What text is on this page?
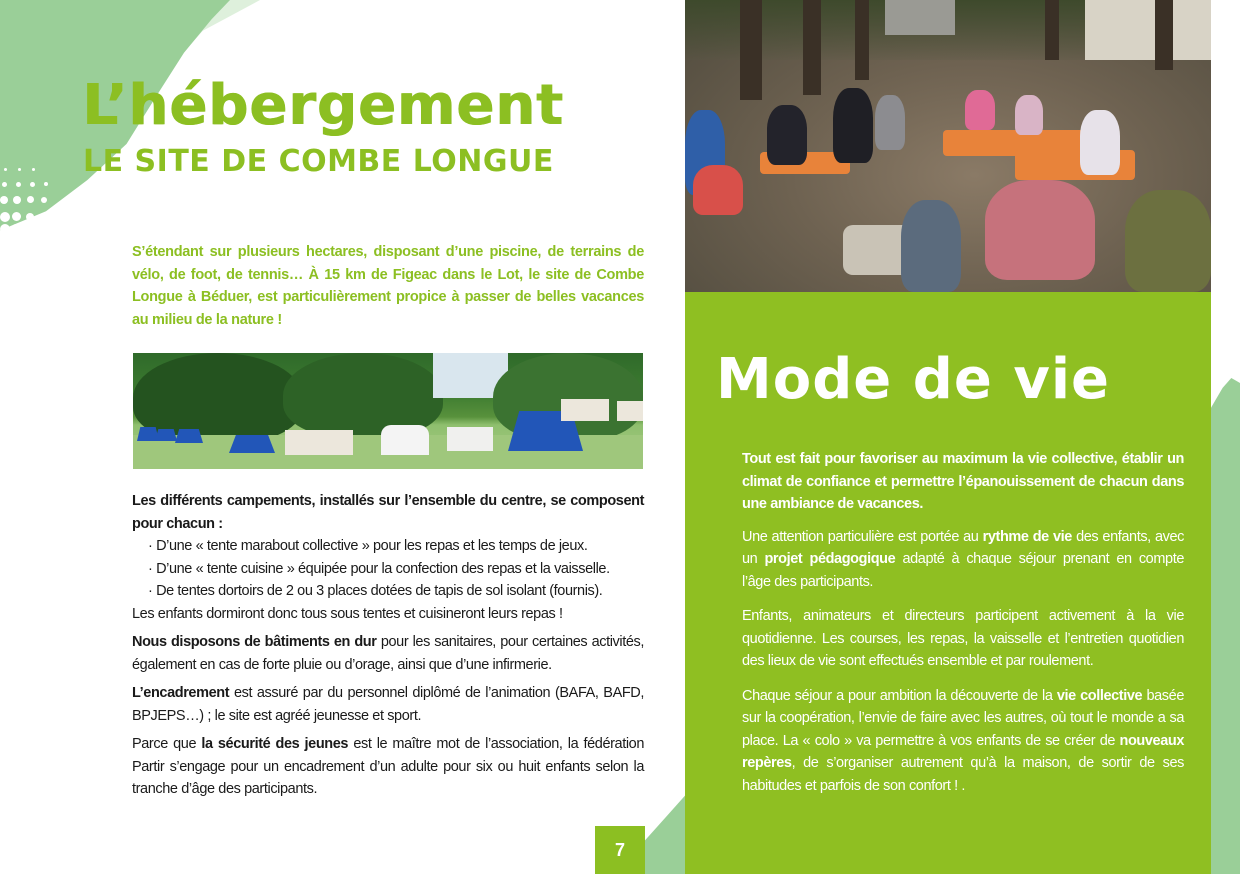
L’hébergement
LE SITE DE COMBE LONGUE

S’étendant sur plusieurs hectares, disposant d’une piscine, de terrains de vélo, de foot, de tennis… À 15 km de Figeac dans le Lot, le site de Combe Longue à Béduer, est particulièrement propice à passer de belles vacances au milieu de la nature !

Les différents campements, installés sur l’ensemble du centre, se composent pour chacun :

· D’une « tente marabout collective » pour les repas et les temps de jeux.
· D’une « tente cuisine » équipée pour la confection des repas et la vaisselle.
· De tentes dortoirs de 2 ou 3 places dotées de tapis de sol isolant (fournis).

Les enfants dormiront donc tous sous tentes et cuisineront leurs repas !

Nous disposons de bâtiments en dur pour les sanitaires, pour certaines activités, également en cas de forte pluie ou d’orage, ainsi que d’une infirmerie.

L’encadrement est assuré par du personnel diplômé de l’animation (BAFA, BAFD, BPJEPS…) ; le site est agréé jeunesse et sport.

Parce que la sécurité des jeunes est le maître mot de l’association, la fédération Partir s’engage pour un encadrement d’un adulte pour six ou huit enfants selon la tranche d’âge des participants.

7
Mode de vie

Tout est fait pour favoriser au maximum la vie collective, établir un climat de confiance et permettre l’épanouissement de chacun dans une ambiance de vacances.

Une attention particulière est portée au rythme de vie des enfants, avec un projet pédagogique adapté à chaque séjour prenant en compte l’âge des participants.

Enfants, animateurs et directeurs participent activement à la vie quotidienne. Les courses, les repas, la vaisselle et l’entretien quotidien des lieux de vie sont effectués ensemble et par roulement.

Chaque séjour a pour ambition la découverte de la vie collective basée sur la coopération, l’envie de faire avec les autres, où tout le monde a sa place. La « colo » va permettre à vos enfants de se créer de nouveaux repères, de s’organiser autrement qu’à la maison, de sortir de ses habitudes et parfois de son confort ! .
